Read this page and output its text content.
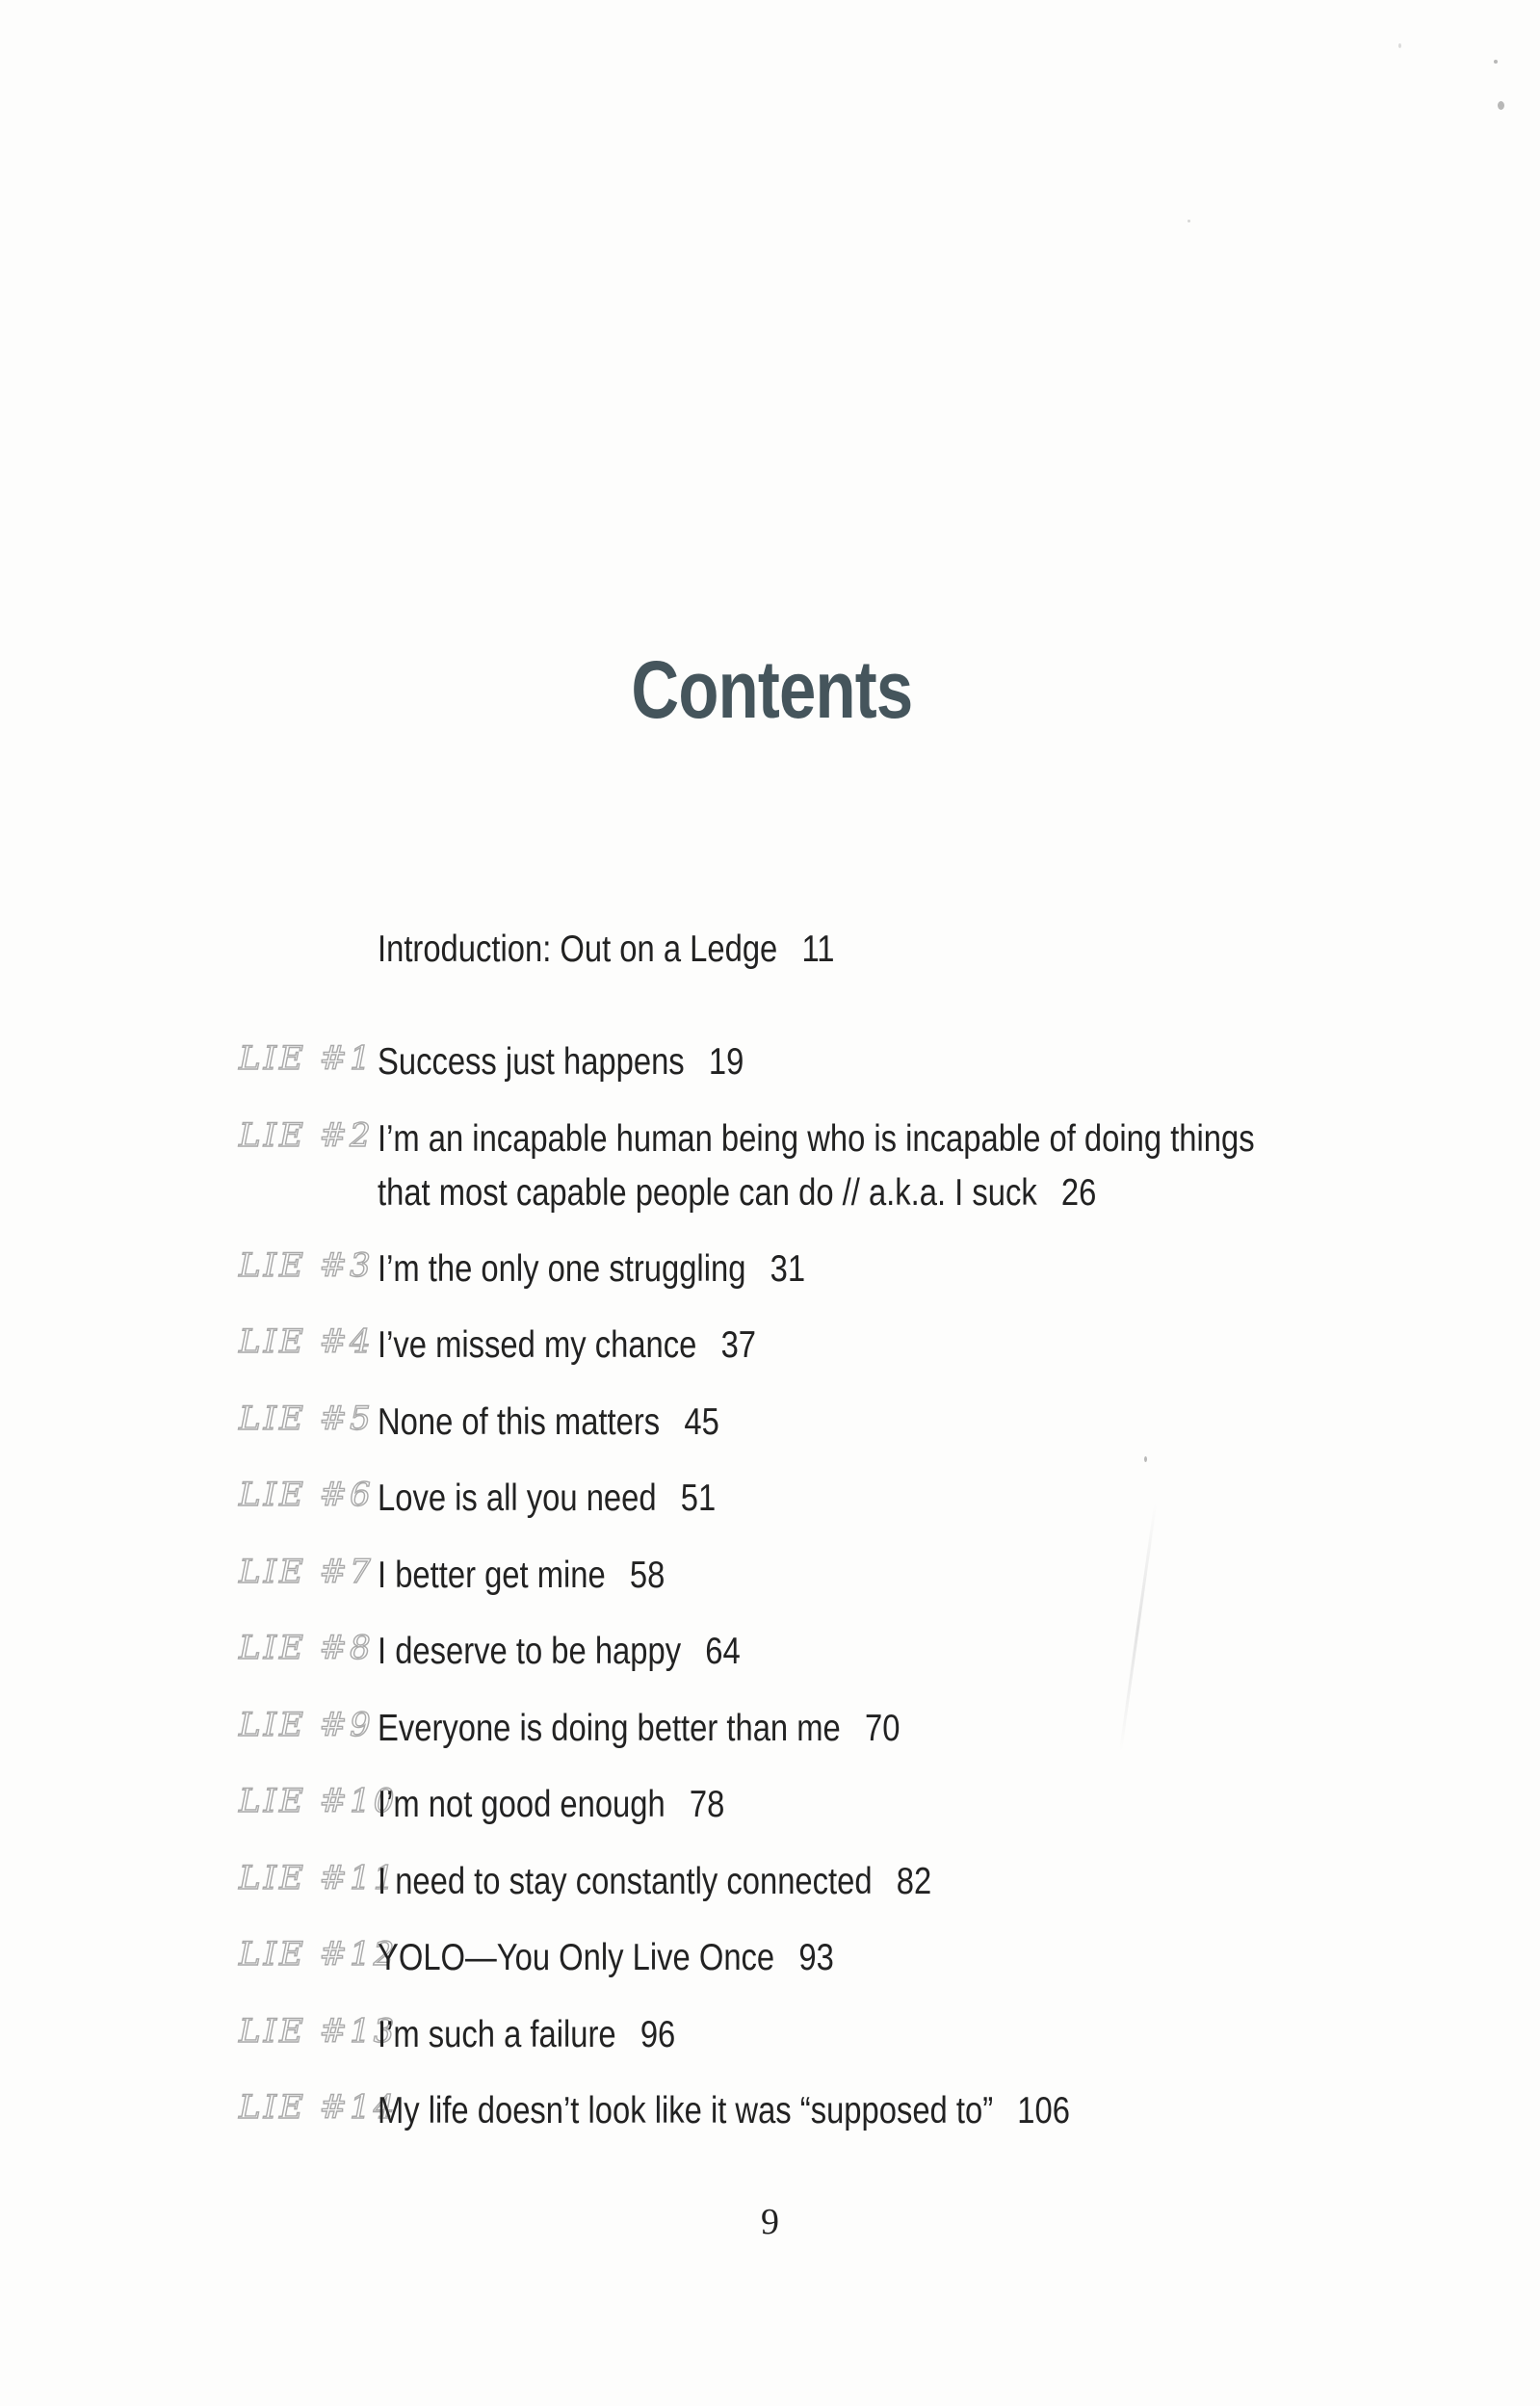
Contents
Introduction: Out on a Ledge 11
LIE #1 Success just happens 19
LIE #2 I’m an incapable human being who is incapable of doing things
that most capable people can do // a.k.a. I suck 26
LIE #3 I’m the only one struggling 31
LIE #4 I’ve missed my chance 37
LIE #5 None of this matters 45
LIE #6 Love is all you need 51
LIE #7 I better get mine 58
LIE #8 I deserve to be happy 64
LIE #9 Everyone is doing better than me 70
LIE #10
I’m not good enough 78
LIE #11
I need to stay constantly connected 82
LIE #12
YOLO—You Only Live Once 93
LIE #13
I’m such a failure 96
LIE #14
My life doesn’t look like it was “supposed to” 106
9
